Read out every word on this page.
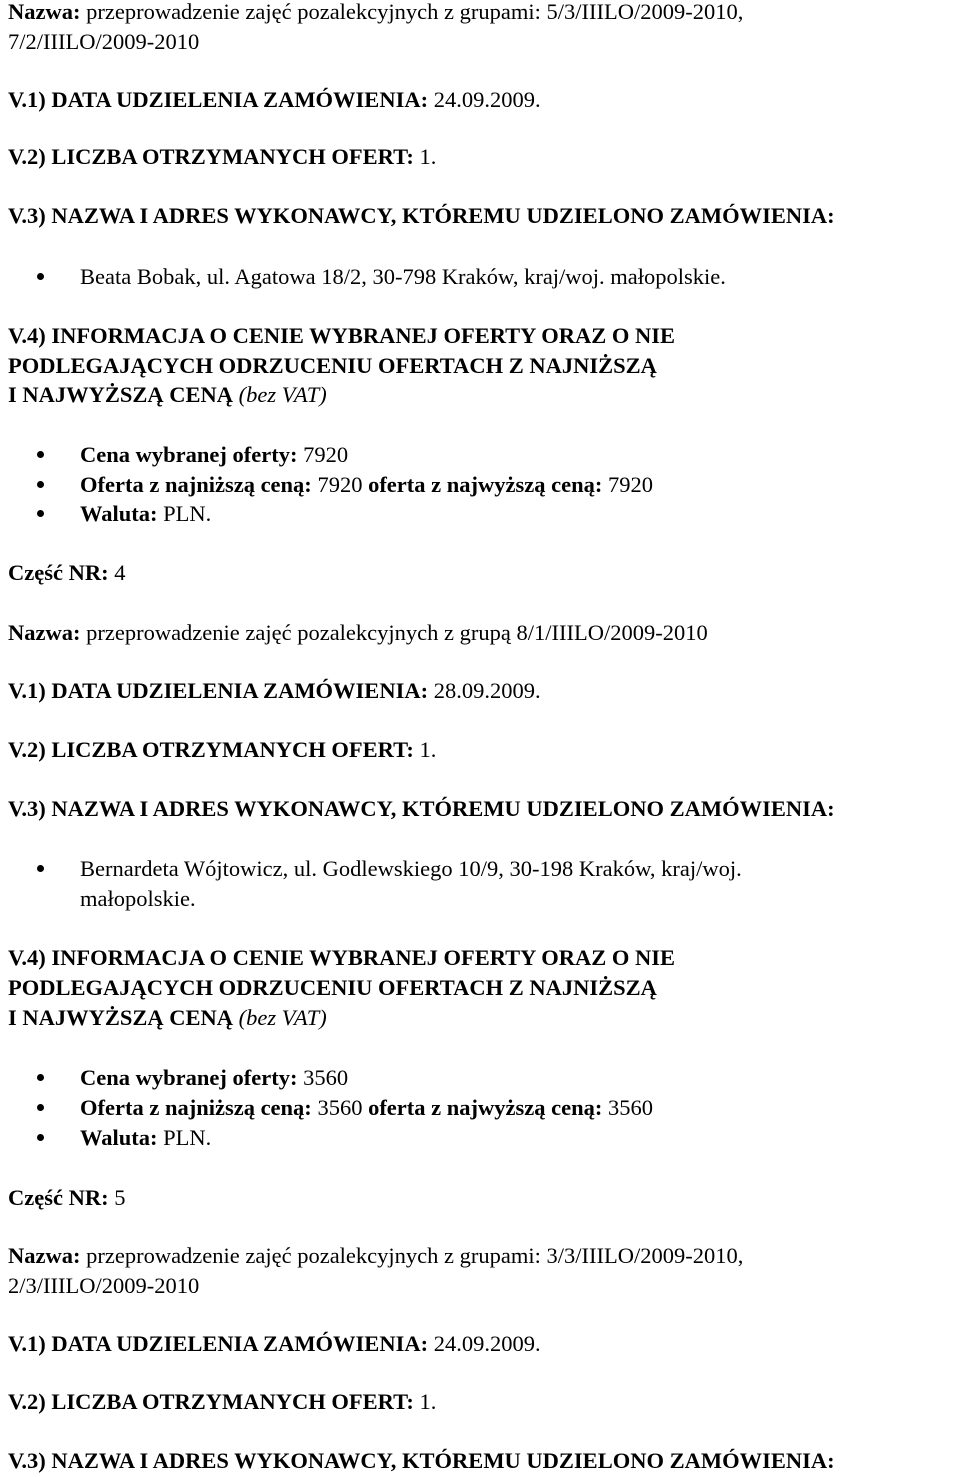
Nazwa: przeprowadzenie zajęć pozalekcyjnych z grupami: 5/3/IIILO/2009-2010,
7/2/IIILO/2009-2010
V.1) DATA UDZIELENIA ZAMÓWIENIA: 24.09.2009.
V.2) LICZBA OTRZYMANYCH OFERT: 1.
V.3) NAZWA I ADRES WYKONAWCY, KTÓREMU UDZIELONO ZAMÓWIENIA:
Beata Bobak, ul. Agatowa 18/2, 30-798 Kraków, kraj/woj. małopolskie.
V.4) INFORMACJA O CENIE WYBRANEJ OFERTY ORAZ O NIE
PODLEGAJĄCYCH ODRZUCENIU OFERTACH Z NAJNIŻSZĄ
I NAJWYŻSZĄ CENĄ (bez VAT)
Cena wybranej oferty: 7920
Oferta z najniższą ceną: 7920 oferta z najwyższą ceną: 7920
Waluta: PLN.
Część NR: 4
Nazwa: przeprowadzenie zajęć pozalekcyjnych z grupą 8/1/IIILO/2009-2010
V.1) DATA UDZIELENIA ZAMÓWIENIA: 28.09.2009.
V.2) LICZBA OTRZYMANYCH OFERT: 1.
V.3) NAZWA I ADRES WYKONAWCY, KTÓREMU UDZIELONO ZAMÓWIENIA:
Bernardeta Wójtowicz, ul. Godlewskiego 10/9, 30-198 Kraków, kraj/woj.
małopolskie.
V.4) INFORMACJA O CENIE WYBRANEJ OFERTY ORAZ O NIE
PODLEGAJĄCYCH ODRZUCENIU OFERTACH Z NAJNIŻSZĄ
I NAJWYŻSZĄ CENĄ (bez VAT)
Cena wybranej oferty: 3560
Oferta z najniższą ceną: 3560 oferta z najwyższą ceną: 3560
Waluta: PLN.
Część NR: 5
Nazwa: przeprowadzenie zajęć pozalekcyjnych z grupami: 3/3/IIILO/2009-2010,
2/3/IIILO/2009-2010
V.1) DATA UDZIELENIA ZAMÓWIENIA: 24.09.2009.
V.2) LICZBA OTRZYMANYCH OFERT: 1.
V.3) NAZWA I ADRES WYKONAWCY, KTÓREMU UDZIELONO ZAMÓWIENIA:
